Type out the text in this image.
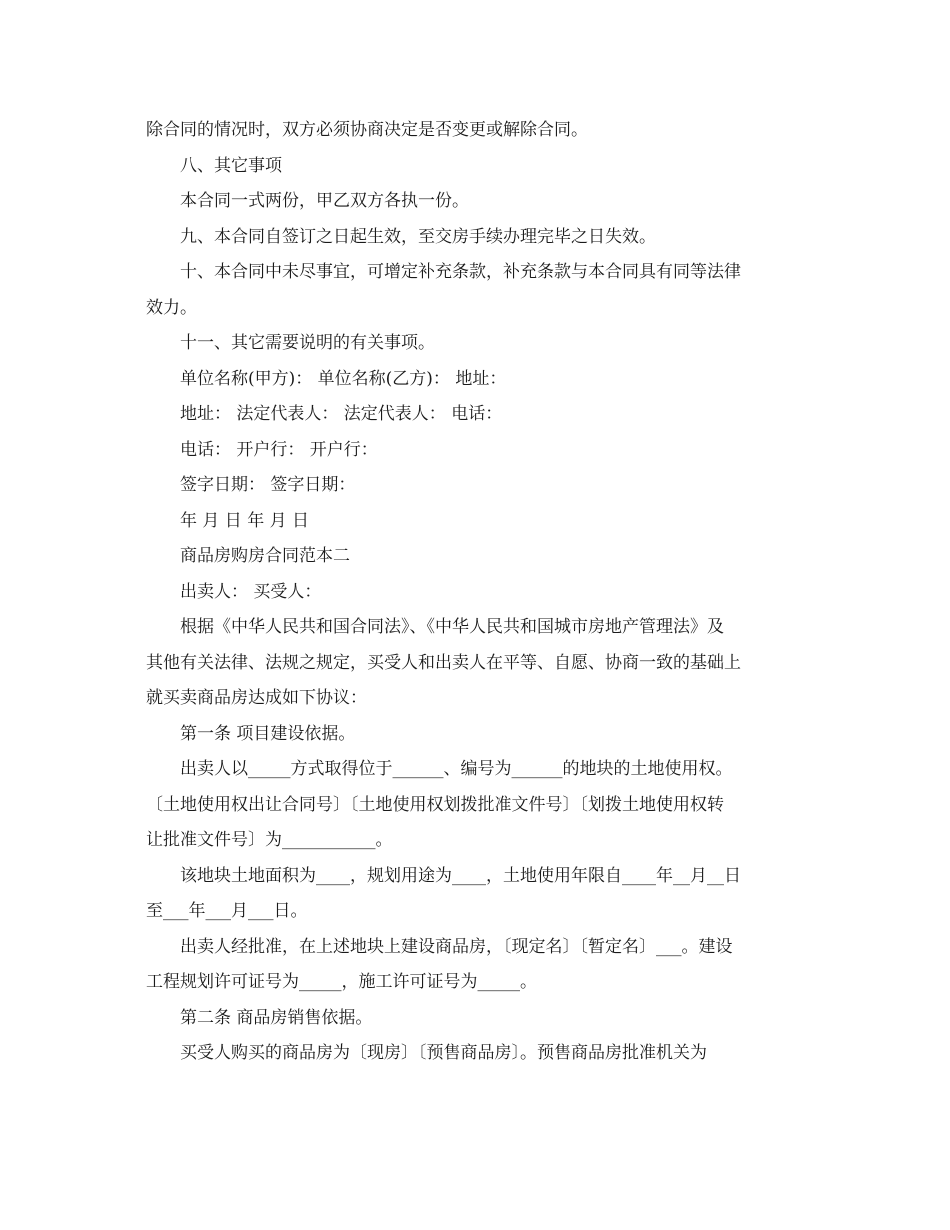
除合同的情况时，双方必须协商决定是否变更或解除合同。

八、其它事项

本合同一式两份，甲乙双方各执一份。

九、本合同自签订之日起生效，至交房手续办理完毕之日失效。

十、本合同中未尽事宜，可增定补充条款，补充条款与本合同具有同等法律

效力。

十一、其它需要说明的有关事项。

单位名称(甲方)： 单位名称(乙方)： 地址：

地址： 法定代表人： 法定代表人： 电话：

电话： 开户行： 开户行：

签字日期： 签字日期：

年 月 日 年 月 日

商品房购房合同范本二

出卖人： 买受人：

根据《中华人民共和国合同法》、《中华人民共和国城市房地产管理法》及

其他有关法律、法规之规定，买受人和出卖人在平等、自愿、协商一致的基础上

就买卖商品房达成如下协议：

第一条 项目建设依据。

出卖人以_____方式取得位于______、编号为______的地块的土地使用权。

〔土地使用权出让合同号〕〔土地使用权划拨批准文件号〕〔划拨土地使用权转

让批准文件号〕为___________。

该地块土地面积为____，规划用途为____，土地使用年限自____年__月__日

至___年___月___日。

出卖人经批准，在上述地块上建设商品房，〔现定名〕〔暂定名〕___。建设

工程规划许可证号为_____，施工许可证号为_____。

第二条 商品房销售依据。

买受人购买的商品房为〔现房〕〔预售商品房〕。预售商品房批准机关为
